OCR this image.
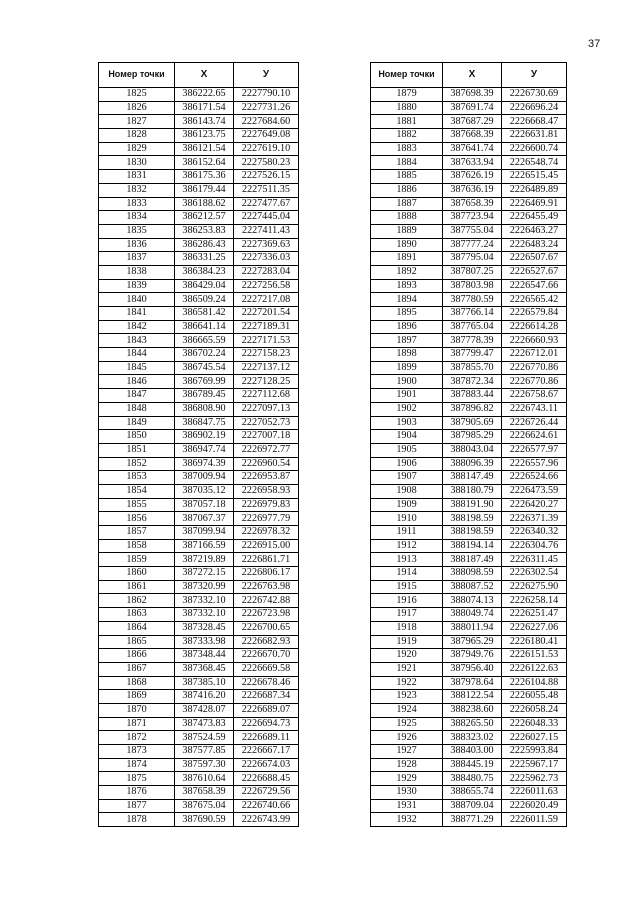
37
Номер точки	Х	У
1825	386222.65	2227790.10
1826	386171.54	2227731.26
1827	386143.74	2227684.60
1828	386123.75	2227649.08
1829	386121.54	2227619.10
1830	386152.64	2227580.23
1831	386175.36	2227526.15
1832	386179.44	2227511.35
1833	386188.62	2227477.67
1834	386212.57	2227445.04
1835	386253.83	2227411.43
1836	386286.43	2227369.63
1837	386331.25	2227336.03
1838	386384.23	2227283.04
1839	386429.04	2227256.58
1840	386509.24	2227217.08
1841	386581.42	2227201.54
1842	386641.14	2227189.31
1843	386665.59	2227171.53
1844	386702.24	2227158.23
1845	386745.54	2227137.12
1846	386769.99	2227128.25
1847	386789.45	2227112.68
1848	386808.90	2227097.13
1849	386847.75	2227052.73
1850	386902.19	2227007.18
1851	386947.74	2226972.77
1852	386974.39	2226960.54
1853	387009.94	2226953.87
1854	387035.12	2226958.93
1855	387057.18	2226979.83
1856	387067.37	2226977.79
1857	387099.94	2226978.32
1858	387166.59	2226915.00
1859	387219.89	2226861.71
1860	387272.15	2226806.17
1861	387320.99	2226763.98
1862	387332.10	2226742.88
1863	387332.10	2226723.98
1864	387328.45	2226700.65
1865	387333.98	2226682.93
1866	387348.44	2226670.70
1867	387368.45	2226669.58
1868	387385.10	2226678.46
1869	387416.20	2226687.34
1870	387428.07	2226689.07
1871	387473.83	2226694.73
1872	387524.59	2226689.11
1873	387577.85	2226667.17
1874	387597.30	2226674.03
1875	387610.64	2226688.45
1876	387658.39	2226729.56
1877	387675.04	2226740.66
1878	387690.59	2226743.99
Номер точки	Х	У
1879	387698.39	2226730.69
1880	387691.74	2226696.24
1881	387687.29	2226668.47
1882	387668.39	2226631.81
1883	387641.74	2226600.74
1884	387633.94	2226548.74
1885	387626.19	2226515.45
1886	387636.19	2226489.89
1887	387658.39	2226469.91
1888	387723.94	2226455.49
1889	387755.04	2226463.27
1890	387777.24	2226483.24
1891	387795.04	2226507.67
1892	387807.25	2226527.67
1893	387803.98	2226547.66
1894	387780.59	2226565.42
1895	387766.14	2226579.84
1896	387765.04	2226614.28
1897	387778.39	2226660.93
1898	387799.47	2226712.01
1899	387855.70	2226770.86
1900	387872.34	2226770.86
1901	387883.44	2226758.67
1902	387896.82	2226743.11
1903	387905.69	2226726.44
1904	387985.29	2226624.61
1905	388043.04	2226577.97
1906	388096.39	2226557.96
1907	388147.49	2226524.66
1908	388180.79	2226473.59
1909	388191.90	2226420.27
1910	388198.59	2226371.39
1911	388198.59	2226340.32
1912	388194.14	2226304.76
1913	388187.49	2226311.45
1914	388098.59	2226302.54
1915	388087.52	2226275.90
1916	388074.13	2226258.14
1917	388049.74	2226251.47
1918	388011.94	2226227.06
1919	387965.29	2226180.41
1920	387949.76	2226151.53
1921	387956.40	2226122.63
1922	387978.64	2226104.88
1923	388122.54	2226055.48
1924	388238.60	2226058.24
1925	388265.50	2226048.33
1926	388323.02	2226027.15
1927	388403.00	2225993.84
1928	388445.19	2225967.17
1929	388480.75	2225962.73
1930	388655.74	2226011.63
1931	388709.04	2226020.49
1932	388771.29	2226011.59
